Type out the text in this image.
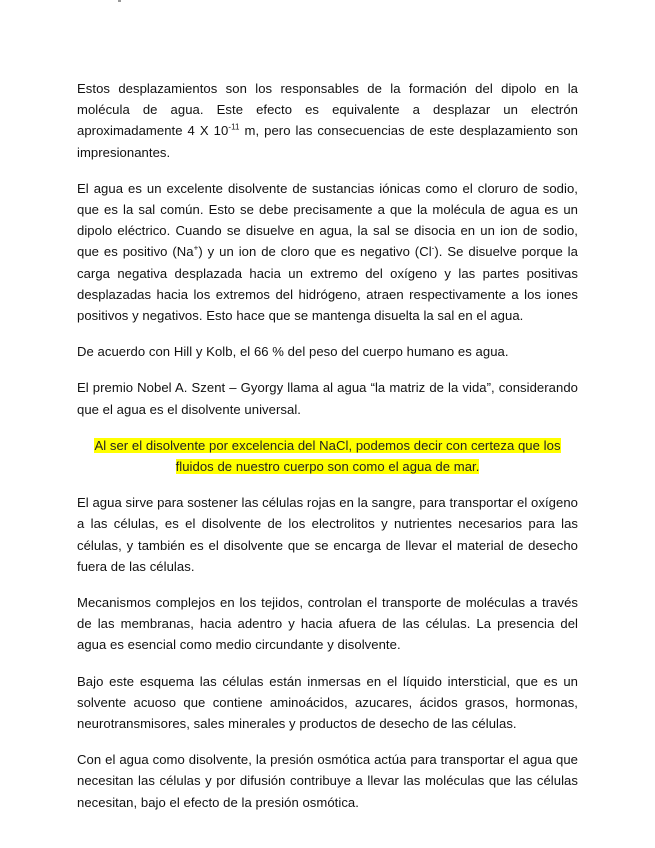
Estos desplazamientos son los responsables de la formación del dipolo en la molécula de agua. Este efecto es equivalente a desplazar un electrón aproximadamente 4 X $10^{-11}$ m, pero las consecuencias de este desplazamiento son impresionantes.

El agua es un excelente disolvente de sustancias iónicas como el cloruro de sodio, que es la sal común. Esto se debe precisamente a que la molécula de agua es un dipolo eléctrico. Cuando se disuelve en agua, la sal se disocia en un ion de sodio, que es positivo (Na+) y un ion de cloro que es negativo (Cl-). Se disuelve porque la carga negativa desplazada hacia un extremo del oxígeno y las partes positivas desplazadas hacia los extremos del hidrógeno, atraen respectivamente a los iones positivos y negativos. Esto hace que se mantenga disuelta la sal en el agua.

De acuerdo con Hill y Kolb, el 66 % del peso del cuerpo humano es agua.

El premio Nobel A. Szent – Gyorgy llama al agua “la matriz de la vida”, considerando que el agua es el disolvente universal.

Al ser el disolvente por excelencia del NaCl, podemos decir con certeza que los fluidos de nuestro cuerpo son como el agua de mar.

El agua sirve para sostener las células rojas en la sangre, para transportar el oxígeno a las células, es el disolvente de los electrolitos y nutrientes necesarios para las células, y también es el disolvente que se encarga de llevar el material de desecho fuera de las células.

Mecanismos complejos en los tejidos, controlan el transporte de moléculas a través de las membranas, hacia adentro y hacia afuera de las células. La presencia del agua es esencial como medio circundante y disolvente.

Bajo este esquema las células están inmersas en el líquido intersticial, que es un solvente acuoso que contiene aminoácidos, azucares, ácidos grasos, hormonas, neurotransmisores, sales minerales y productos de desecho de las células.

Con el agua como disolvente, la presión osmótica actúa para transportar el agua que necesitan las células y por difusión contribuye a llevar las moléculas que las células necesitan, bajo el efecto de la presión osmótica.
